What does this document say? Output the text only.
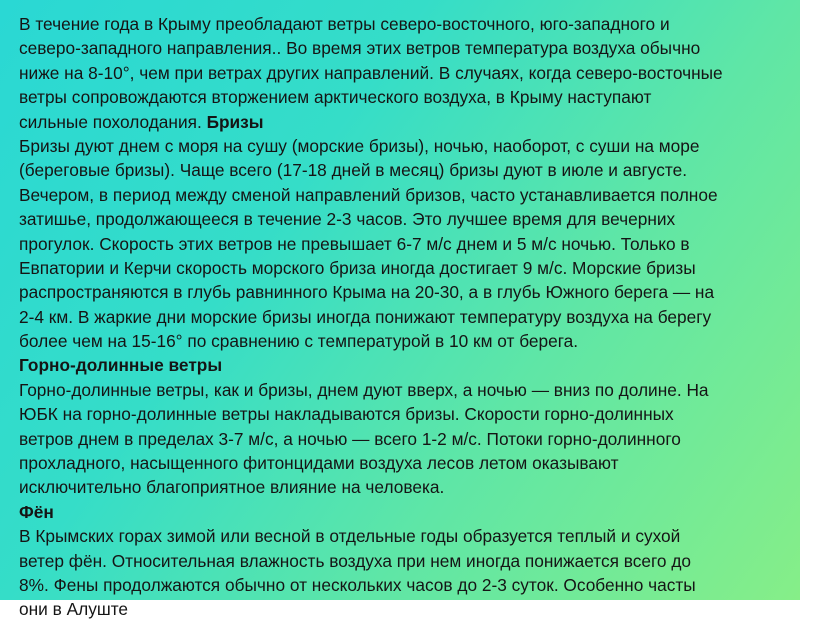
В течение года в Крыму преобладают ветры северо-восточного, юго-западного и
северо-западного направления.. Во время этих ветров температура воздуха обычно
ниже на 8-10°, чем при ветрах других направлений. В случаях, когда северо-восточные
ветры сопровождаются вторжением арктического воздуха, в Крыму наступают
сильные похолодания. Бризы
Бризы дуют днем с моря на сушу (морские бризы), ночью, наоборот, с суши на море
(береговые бризы). Чаще всего (17-18 дней в месяц) бризы дуют в июле и августе.
Вечером, в период между сменой направлений бризов, часто устанавливается полное
затишье, продолжающееся в течение 2-3 часов. Это лучшее время для вечерних
прогулок. Скорость этих ветров не превышает 6-7 м/с днем и 5 м/с ночью. Только в
Евпатории и Керчи скорость морского бриза иногда достигает 9 м/с. Морские бризы
распространяются в глубь равнинного Крыма на 20-30, а в глубь Южного берега — на
2-4 км. В жаркие дни морские бризы иногда понижают температуру воздуха на берегу
более чем на 15-16° по сравнению с температурой в 10 км от берега.
Горно-долинные ветры
Горно-долинные ветры, как и бризы, днем дуют вверх, а ночью — вниз по долине. На
ЮБК на горно-долинные ветры накладываются бризы. Скорости горно-долинных
ветров днем в пределах 3-7 м/с, а ночью — всего 1-2 м/с. Потоки горно-долинного
прохладного, насыщенного фитонцидами воздуха лесов летом оказывают
исключительно благоприятное влияние на человека.
Фён
В Крымских горах зимой или весной в отдельные годы образуется теплый и сухой
ветер фён. Относительная влажность воздуха при нем иногда понижается всего до
8%. Фены продолжаются обычно от нескольких часов до 2-3 суток. Особенно часты
они в Алуште
